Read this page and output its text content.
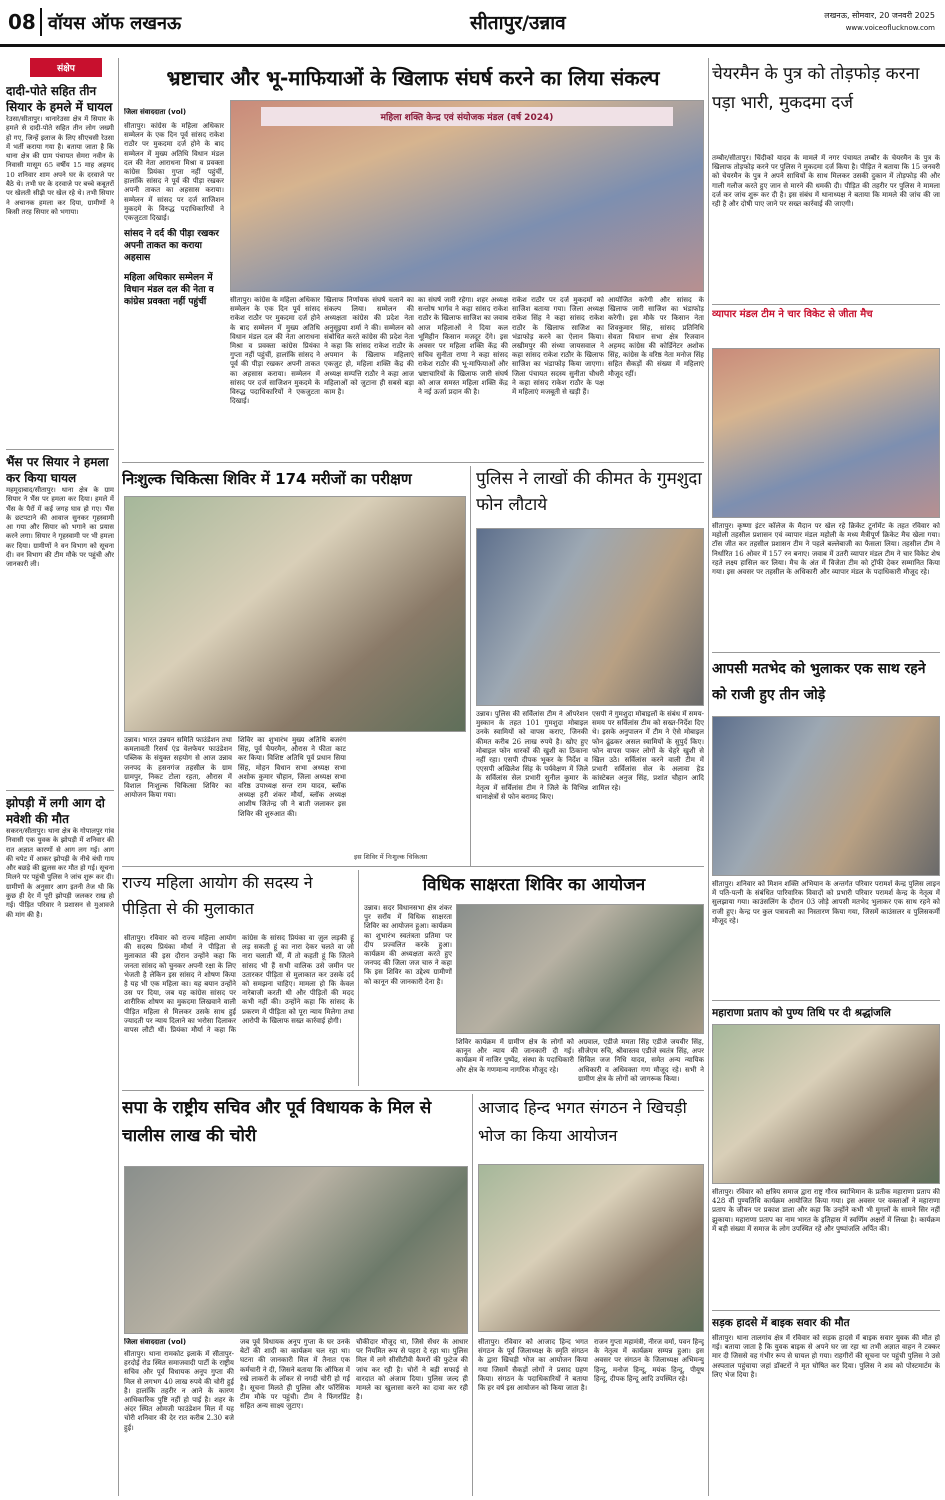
08 वॉयस ऑफ लखनऊ	सीतापुर/उन्नाव	लखनऊ, सोमवार, 20 जनवरी 2025
www.voiceoflucknow.com
संक्षेप
दादी-पोते सहित तीन सियार के हमले में घायल
रेउसा/सीतापुर। थानारेउसा क्षेत्र में सियार के हमले से दादी-पोते सहित तीन लोग जख्मी हो गए, जिन्हें इलाज के लिए सीएचसी रेउसा में भर्ती कराया गया है। बताया जाता है कि थाना क्षेत्र की ग्राम पंचायत सेमरा नवीन के निवासी मासूम 65 वर्षीय 15 माह अहमद 10 शनिवार शाम अपने घर के दरवाजे पर बैठे थे। तभी घर के दरवाजे पर बच्चे कबूतरों पर खेलती सीढ़ी पर खेल रहे थे। तभी सियार ने अचानक हमला कर दिया, ग्रामीणों ने किसी तरह सियार को भगाया।
भैंस पर सियार ने हमला कर किया घायल
महमूदाबाद/सीतापुर। थाना क्षेत्र के ग्राम सियार ने भैंस पर हमला कर दिया। हमले में भैंस के पैरों में कई जगह घाव हो गए। भैंस के छटपटाने की आवाज सुनकर गृहस्वामी आ गया और सियार को भगाने का प्रयास करने लगा। सियार ने गृहस्वामी पर भी हमला कर दिया। ग्रामीणों ने वन विभाग को सूचना दी। वन विभाग की टीम मौके पर पहुंची और जानकारी ली।
झोपड़ी में लगी आग दो मवेशी की मौत
सकरन/सीतापुर। थाना क्षेत्र के गोपालपुर गांव निवासी एक युवक के झोपड़ी में शनिवार की रात अज्ञात कारणों से आग लग गई। आग की चपेट में आकर झोपड़ी के नीचे बंधी गाय और बछड़े की झुलस कर मौत हो गई। सूचना मिलने पर पहुंची पुलिस ने जांच शुरू कर दी। ग्रामीणों के अनुसार आग इतनी तेज थी कि कुछ ही देर में पूरी झोपड़ी जलकर राख हो गई। पीड़ित परिवार ने प्रशासन से मुआवजे की मांग की है।
भ्रष्टाचार और भू-माफियाओं के खिलाफ संघर्ष करने का लिया संकल्प
जिला संवाददाता (vol)
सीतापुर। कांग्रेस के महिला अधिकार सम्मेलन के एक दिन पूर्व सांसद राकेश राठौर पर मुकदमा दर्ज होने के बाद सम्मेलन में मुख्य अतिथि विधान मंडल दल की नेता आराधना मिश्रा व प्रवक्ता कांग्रेस प्रियंका गुप्ता नहीं पहुंचीं, हालांकि सांसद ने पूर्व की पीड़ा रखकर अपनी ताकत का अहसास कराया। सम्मेलन में सांसद पर दर्ज साजिशन मुकदमे के विरुद्ध पदाधिकारियों ने एकजुटता दिखाई।
सांसद ने दर्द की पीड़ा रखकर अपनी ताकत का कराया अहसास
महिला अधिकार सम्मेलन में विधान मंडल दल की नेता व कांग्रेस प्रवक्ता नहीं पहुंचीं
महिला शक्ति केन्द्र एवं संयोजक मंडल (वर्ष 2024)
सीतापुर। कांग्रेस के महिला अधिकार सम्मेलन के एक दिन पूर्व सांसद राकेश राठौर पर मुकदमा दर्ज होने के बाद सम्मेलन में मुख्य अतिथि विधान मंडल दल की नेता आराधना मिश्रा व प्रवक्ता कांग्रेस प्रियंका गुप्ता नहीं पहुंचीं, हालांकि सांसद ने पूर्व की पीड़ा रखकर अपनी ताकत का अहसास कराया। सम्मेलन में सांसद पर दर्ज साजिशन मुकदमे के विरुद्ध पदाधिकारियों ने एकजुटता दिखाई।
खिलाफ निर्णायक संघर्ष चलाने का संकल्प लिया। सम्मेलन की अध्यक्षता कांग्रेस की प्रदेश नेता अनुसूइया शर्मा ने की। सम्मेलन को संबोधित करते कांग्रेस की प्रदेश नेता ने कहा कि सांसद राकेश राठौर के अपमान के खिलाफ महिलाएं एकजुट हो, महिला शक्ति केंद्र की अध्यक्ष सम्पत्ति राठौर ने कहा आज महिलाओं को जुटाना ही सबसे बड़ा काम है।
का संघर्ष जारी रहेगा। शहर अध्यक्ष सन्तोष भार्गव ने कहा सांसद राकेश राठौर के खिलाफ साजिश का जवाब आज महिलाओं ने दिया कल भूमिहीन किसान मजदूर देंगे। इस अवसर पर महिला शक्ति केंद्र की सचिव सुनीता राणा ने कहा सांसद राकेश राठौर की भू-माफियाओं और भ्रष्टाचारियों के खिलाफ जारी संघर्ष को आज समस्त महिला शक्ति केंद्र ने नई ऊर्जा प्रदान की है।
राकेश राठौर पर दर्ज मुकदमों को साजिश बताया गया। जिला अध्यक्ष राकेश सिंह ने कहा सांसद राकेश राठौर के खिलाफ साजिश का भंडाफोड़ करने का ऐलान किया। लखीमपुर की संध्या जायसवाल ने कहा सांसद राकेश राठौर के खिलाफ साजिश का भंडाफोड़ किया जाएगा। जिला पंचायत सदस्य सुनीता चौधरी ने कहा सांसद राकेश राठौर के पक्ष में महिलाएं मजबूती से खड़ी हैं।
आयोजित करेगी और सांसद के खिलाफ जारी साजिश का भंडाफोड़ करेगी। इस मौके पर किसान नेता शिवकुमार सिंह, सांसद प्रतिनिधि सेवता विधान सभा क्षेत्र रिजवान अहमद कांग्रेस की कोर्डिनेटर अशोक सिंह, कांग्रेस के वरिष्ठ नेता मनोज सिंह सहित सैकड़ों की संख्या में महिलाएं मौजूद रहीं।
निःशुल्क चिकित्सा शिविर में 174 मरीजों का परीक्षण
उन्नाव। भारत उन्नयन समिति फाउंडेशन तथा कमलावती रिसर्च एंड वेलफेयर फाउंडेशन पब्लिक के संयुक्त सहयोग से आज उन्नाव जनपद के हसनगंज तहसील के ग्राम ग्रामपुर, निकट टोला रहता, औरास में विशाल निःशुल्क चिकित्सा शिविर का आयोजन किया गया।
शिविर का शुभारंभ मुख्य अतिथि बजरंग सिंह, पूर्व चैयरमैन, औरास ने फीता काट कर किया। विशिष्ट अतिथि पूर्व प्रधान सिया सिंह, मोहन विधान सभा अध्यक्ष सभा अशोक कुमार चौहान, जिला अध्यक्ष सभा वरिष्ठ उपाध्यक्ष सन्त राम यादव, ब्लॉक अध्यक्ष हरी शंकर मौर्या, ब्लॉक अध्यक्ष आशीष जितेन्द्र जी ने बाती जलाकर इस शिविर की शुरुआत की।
इस शिविर में निःशुल्क चिकित्सा
पुलिस ने लाखों की कीमत के गुमशुदा फोन लौटाये
उन्नाव। पुलिस की सर्विलांस टीम ने ऑपरेशन मुस्कान के तहत 101 गुमशुदा मोबाइल उनके स्वामियों को वापस कराए, जिनकी कीमत करीब 26 लाख रुपये है। खोए हुए मोबाइल फोन धारकों की खुशी का ठिकाना नहीं रहा। एसपी दीपक भूकर के निर्देश व एएसपी अखिलेश सिंह के पर्यवेक्षण में जिले के सर्विलांस सेल प्रभारी सुनील कुमार के नेतृत्व में सर्विलांस टीम ने जिले के विभिन्न थानाक्षेत्रों से फोन बरामद किए।
एसपी ने गुमशुदा मोबाइलों के संबंध में समय-समय पर सर्विलांस टीम को सख्त-निर्देश दिए थे। इसके अनुपालन में टीम ने ऐसे मोबाइल फोन ढूंढकर असल स्वामियों के सुपुर्द किए। फोन वापस पाकर लोगों के चेहरे खुशी से खिल उठे। सर्विलांस करने वाली टीम में प्रभारी सर्विलांस सेल के अलावा हेड कांस्टेबल अनुज सिंह, प्रशांत चौहान आदि शामिल रहे।
राज्य महिला आयोग की सदस्य ने पीड़िता से की मुलाकात
सीतापुर। रविवार को राज्य महिला आयोग की सदस्य प्रियंका मौर्या ने पीड़िता से मुलाकात की इस दौरान उन्होंने कहा कि जनता सांसद को चुनकर अपनी रक्षा के लिए भेजती है लेकिन इस सांसद ने शोषण किया है यह भी एक महिला का। यह बयान उन्होंने उस पर दिया, जब यह कांग्रेस सांसद पर शारीरिक शोषण का मुकदमा लिखवाने वाली पीड़ित महिला से मिलकर उसके साथ हुई ज्यादती पर न्याय दिलाने का भरोसा दिलाकर वापस लौटी थीं। प्रियंका मौर्या ने कहा कि कांग्रेस के सांसद प्रियंका वा ज़ुल लड़की हूं लड़ सकती हूं का नारा देकर चलते वा जो नारा चलाती थीं, मैं तो कहती हूं कि जितने सांसद भी हैं सभी वालिक उसे जमीन पर उतारकर पीड़िता से मुलाकात कर उसके दर्द को समझना चाहिए। मामला हो कि केवल नारेबाजी करती थी और पीड़ितों की मदद कभी नहीं की। उन्होंने कहा कि सांसद के प्रकरण में पीड़िता को पूरा न्याय मिलेगा तथा आरोपी के खिलाफ सख्त कार्रवाई होगी।
विधिक साक्षरता शिविर का आयोजन
उन्नाव। सदर विधानसभा क्षेत्र शंकर पुर सराँय में विधिक साक्षरता शिविर का आयोजन हुआ। कार्यक्रम का शुभारंभ स्वतंत्रता प्रतिमा पर दीप प्रज्वलित करके हुआ। कार्यक्रम की अध्यक्षता करते हुए जनपद की जिला जज चारु ने कहा कि इस शिविर का उद्देश्य ग्रामीणों को कानून की जानकारी देना है।
शिविर कार्यक्रम में ग्रामीण क्षेत्र के लोगों को कानून और न्याय की जानकारी दी गई। कार्यक्रम में नाजिर पुष्पेंद्र, संस्था के पदाधिकारी और क्षेत्र के गणमान्य नागरिक मौजूद रहे।
अग्रवाल, एडीजे ममता सिंह एडीजे जयवीर सिंह, सीजेएम रुचि, श्रीवास्तव एडीजे स्वतंत्र सिंह, अपर सिविल जज निधि यादव, समेत अन्य न्यायिक अधिकारी व अधिवक्ता गण मौजूद रहे। सभी ने ग्रामीण क्षेत्र के लोगों को जागरूक किया।
सपा के राष्ट्रीय सचिव और पूर्व विधायक के मिल से चालीस लाख की चोरी
जिला संवाददाता (vol)
सीतापुर। थाना रामकोट इलाके में सीतापुर-हरदोई रोड स्थित समाजवादी पार्टी के राष्ट्रीय सचिव और पूर्व विधायक अनूप गुप्ता की मिल से लगभग 40 लाख रुपये की चोरी हुई है। हालांकि तहरीर न आने के कारण आधिकारिक पुष्टि नहीं हो पाई है। शहर के अंदर स्थित ओमजी फाउंडेशन मिल में यह चोरी शनिवार की देर रात करीब 2.30 बजे हुई।
जब पूर्व विधायक अनूप गुप्ता के घर उनके बेटों की शादी का कार्यक्रम चल रहा था। घटना की जानकारी मिल में तैनात एक कर्मचारी ने दी, जिसने बताया कि ऑफिस में रखे लाकरों के लॉकर से नगदी चोरी हो गई है। सूचना मिलते ही पुलिस और फॉरेंसिक टीम मौके पर पहुंची। टीम ने फिंगरप्रिंट सहित अन्य साक्ष्य जुटाए।
चौकीदार मौजूद था, जिसे सेंधर के आधार पर नियमित रूप से पहरा दे रहा था। पुलिस मिल में लगे सीसीटीवी कैमरों की फुटेज की जांच कर रही है। चोरों ने बड़ी सफाई से वारदात को अंजाम दिया। पुलिस जल्द ही मामले का खुलासा करने का दावा कर रही है।
आजाद हिन्द भगत संगठन ने खिचड़ी भोज का किया आयोजन
सीतापुर। रविवार को आजाद हिन्द भगत संगठन के पूर्व जिलाध्यक्ष के स्मृति संगठन के द्वारा खिचड़ी भोज का आयोजन किया गया जिसमें सैकड़ों लोगों ने प्रसाद ग्रहण किया। संगठन के पदाधिकारियों ने बताया कि हर वर्ष इस आयोजन को किया जाता है।
राजन गुप्ता महामंत्री, नीरज वर्मा, पवन हिन्दू के नेतृत्व में कार्यक्रम सम्पन्न हुआ। इस अवसर पर संगठन के जिलाध्यक्ष अभिमन्यु हिन्दू, मनोज हिन्दू, मयंक हिन्दू, पीयूष हिन्दू, दीपक हिन्दू आदि उपस्थित रहे।
चेयरमैन के पुत्र को तोड़फोड़ करना पड़ा भारी, मुकदमा दर्ज
तम्बौर/सीतापुर। चिंदीको यादव के मामले में नगर पंचायत तम्बौर के चेयरमैन के पुत्र के खिलाफ तोड़फोड़ करने पर पुलिस ने मुकदमा दर्ज किया है। पीड़ित ने बताया कि 15 जनवरी को चेयरमैन के पुत्र ने अपने साथियों के साथ मिलकर उसकी दुकान में तोड़फोड़ की और गाली गलौज करते हुए जान से मारने की धमकी दी। पीड़ित की तहरीर पर पुलिस ने मामला दर्ज कर जांच शुरू कर दी है। इस संबंध में थानाध्यक्ष ने बताया कि मामले की जांच की जा रही है और दोषी पाए जाने पर सख्त कार्रवाई की जाएगी।
व्यापार मंडल टीम ने चार विकेट से जीता मैच
सीतापुर। कृष्णा इंटर कॉलेज के मैदान पर खेल रहे क्रिकेट टूर्नामेंट के तहत रविवार को महोली तहसील प्रशासन एवं व्यापार मंडल महोली के मध्य मैत्रीपूर्ण क्रिकेट मैच खेला गया। टॉस जीत कर तहसील प्रशासन टीम ने पहले बल्लेबाजी का फैसला लिया। तहसील टीम ने निर्धारित 16 ओवर में 157 रन बनाए। जवाब में उतरी व्यापार मंडल टीम ने चार विकेट शेष रहते लक्ष्य हासिल कर लिया। मैच के अंत में विजेता टीम को ट्रॉफी देकर सम्मानित किया गया। इस अवसर पर तहसील के अधिकारी और व्यापार मंडल के पदाधिकारी मौजूद रहे।
आपसी मतभेद को भुलाकर एक साथ रहने को राजी हुए तीन जोड़े
सीतापुर। शनिवार को मिशन शक्ति अभियान के अन्तर्गत परिवार परामर्श केन्द्र पुलिस लाइन में पति-पत्नी के संबंधित पारिवारिक विवादों को प्रभारी परिवार परामर्श केन्द्र के नेतृत्व में सुलझाया गया। काउंसलिंग के दौरान 03 जोड़े आपसी मतभेद भुलाकर एक साथ रहने को राजी हुए। केन्द्र पर कुल पत्रावली का निस्तारण किया गया, जिसमें काउंसलर व पुलिसकर्मी मौजूद रहे।
महाराणा प्रताप को पुण्य तिथि पर दी श्रद्धांजलि
सीतापुर। रविवार को क्षत्रिय समाज द्वारा राष्ट्र गौरव स्वाभिमान के प्रतीक महाराणा प्रताप की 428 वीं पुण्यतिथि कार्यक्रम आयोजित किया गया। इस अवसर पर वक्ताओं ने महाराणा प्रताप के जीवन पर प्रकाश डाला और कहा कि उन्होंने कभी भी मुगलों के सामने सिर नहीं झुकाया। महाराणा प्रताप का नाम भारत के इतिहास में स्वर्णिम अक्षरों में लिखा है। कार्यक्रम में बड़ी संख्या में समाज के लोग उपस्थित रहे और पुष्पांजलि अर्पित की।
सड़क हादसे में बाइक सवार की मौत
सीतापुर। थाना तालगांव क्षेत्र में रविवार को सड़क हादसे में बाइक सवार युवक की मौत हो गई। बताया जाता है कि युवक बाइक से अपने घर जा रहा था तभी अज्ञात वाहन ने टक्कर मार दी जिससे वह गंभीर रूप से घायल हो गया। राहगीरों की सूचना पर पहुंची पुलिस ने उसे अस्पताल पहुंचाया जहां डॉक्टरों ने मृत घोषित कर दिया। पुलिस ने शव को पोस्टमार्टम के लिए भेज दिया है।
